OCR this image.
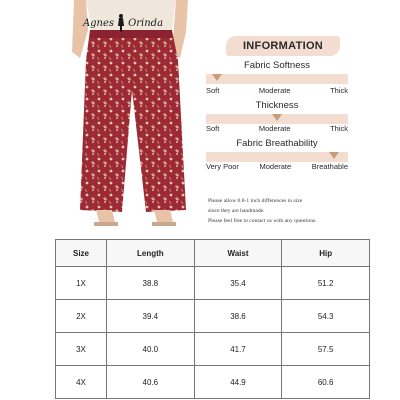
Agnes Orinda
INFORMATION
Fabric Softness
Soft	Moderate	Thick
Thickness
Soft	Moderate	Thick
Fabric Breathability
Very Poor	Moderate	Breathable
Please allow 0.8-1 inch differences in size
since they are handmade.
Please feel free to contact us with any questions.
Size	Length	Waist	Hip
1X	38.8	35.4	51.2
2X	39.4	38.6	54.3
3X	40.0	41.7	57.5
4X	40.6	44.9	60.6
